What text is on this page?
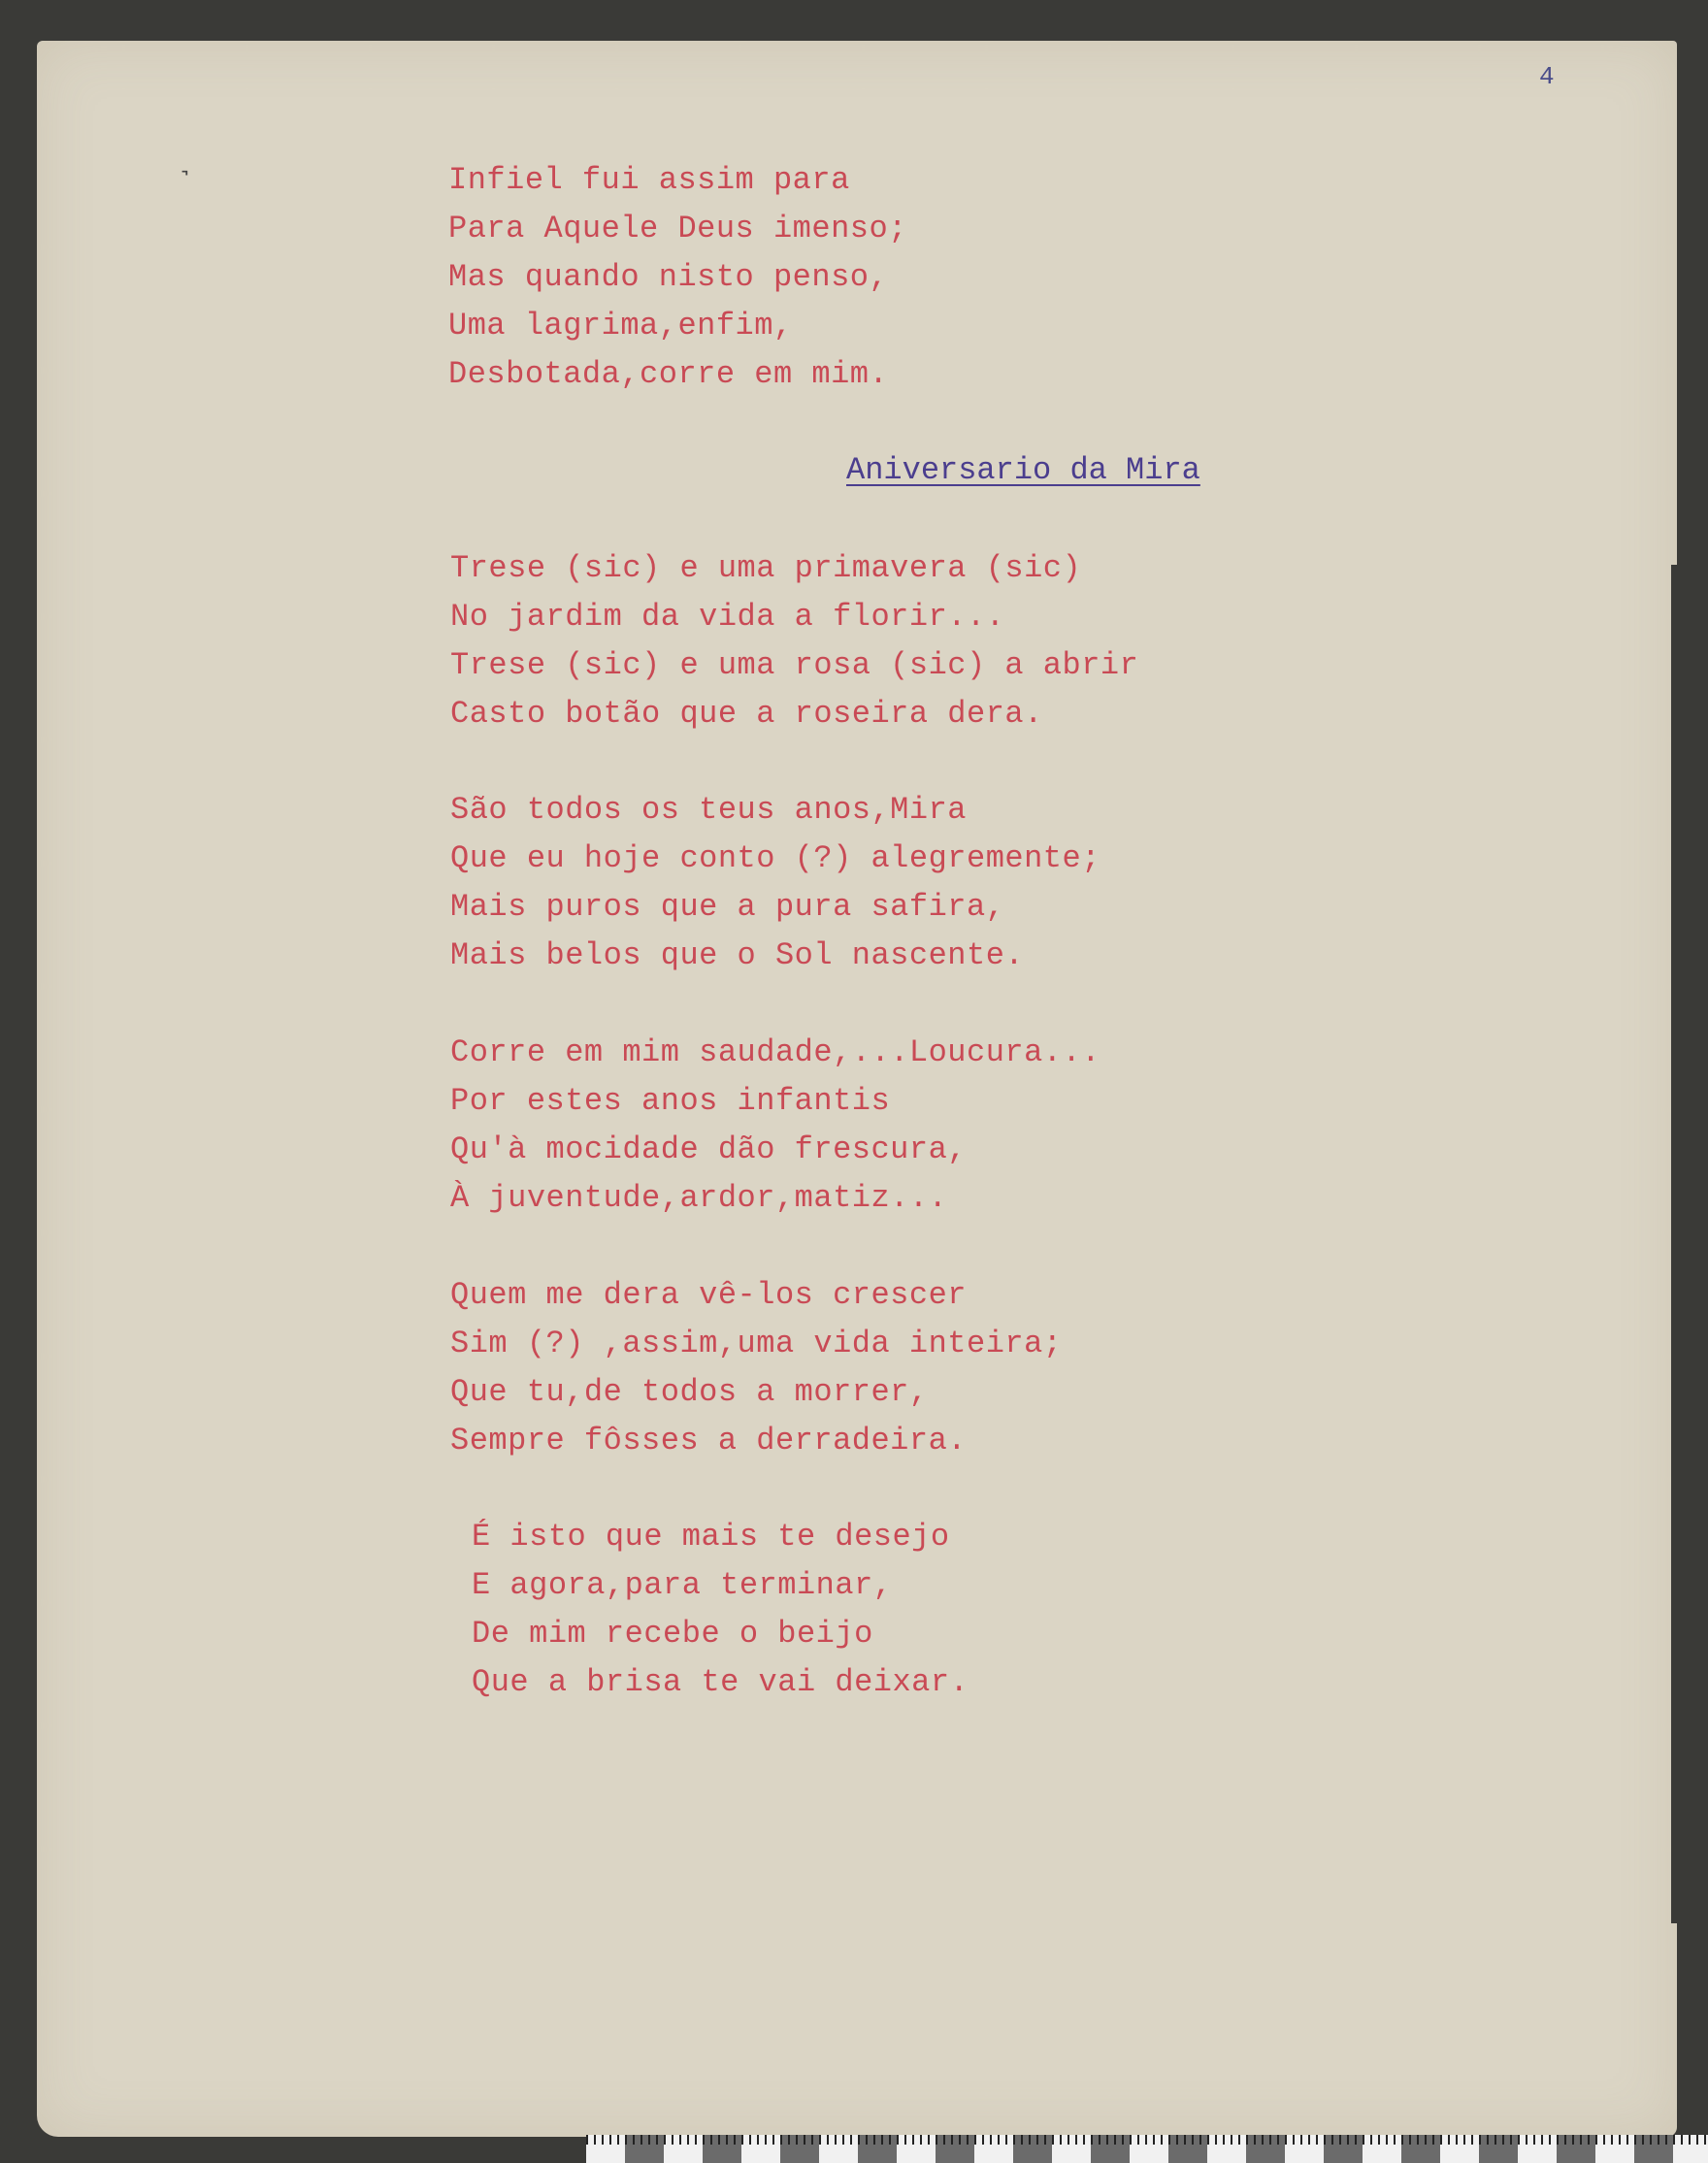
4
˺	Infiel fui assim para
Para Aquele Deus imenso;
Mas quando nisto penso,
Uma lagrima,enfim,
Desbotada,corre em mim.
Aniversario da Mira
Trese (sic) e uma primavera (sic)
No jardim da vida a florir...
Trese (sic) e uma rosa (sic) a abrir
Casto botão que a roseira dera.
São todos os teus anos,Mira
Que eu hoje conto (?) alegremente;
Mais puros que a pura safira,
Mais belos que o Sol nascente.
Corre em mim saudade,...Loucura...
Por estes anos infantis
Qu'à mocidade dão frescura,
À juventude,ardor,matiz...
Quem me dera vê-los crescer
Sim (?) ,assim,uma vida inteira;
Que tu,de todos a morrer,
Sempre fôsses a derradeira.
É isto que mais te desejo
E agora,para terminar,
De mim recebe o beijo
Que a brisa te vai deixar.
